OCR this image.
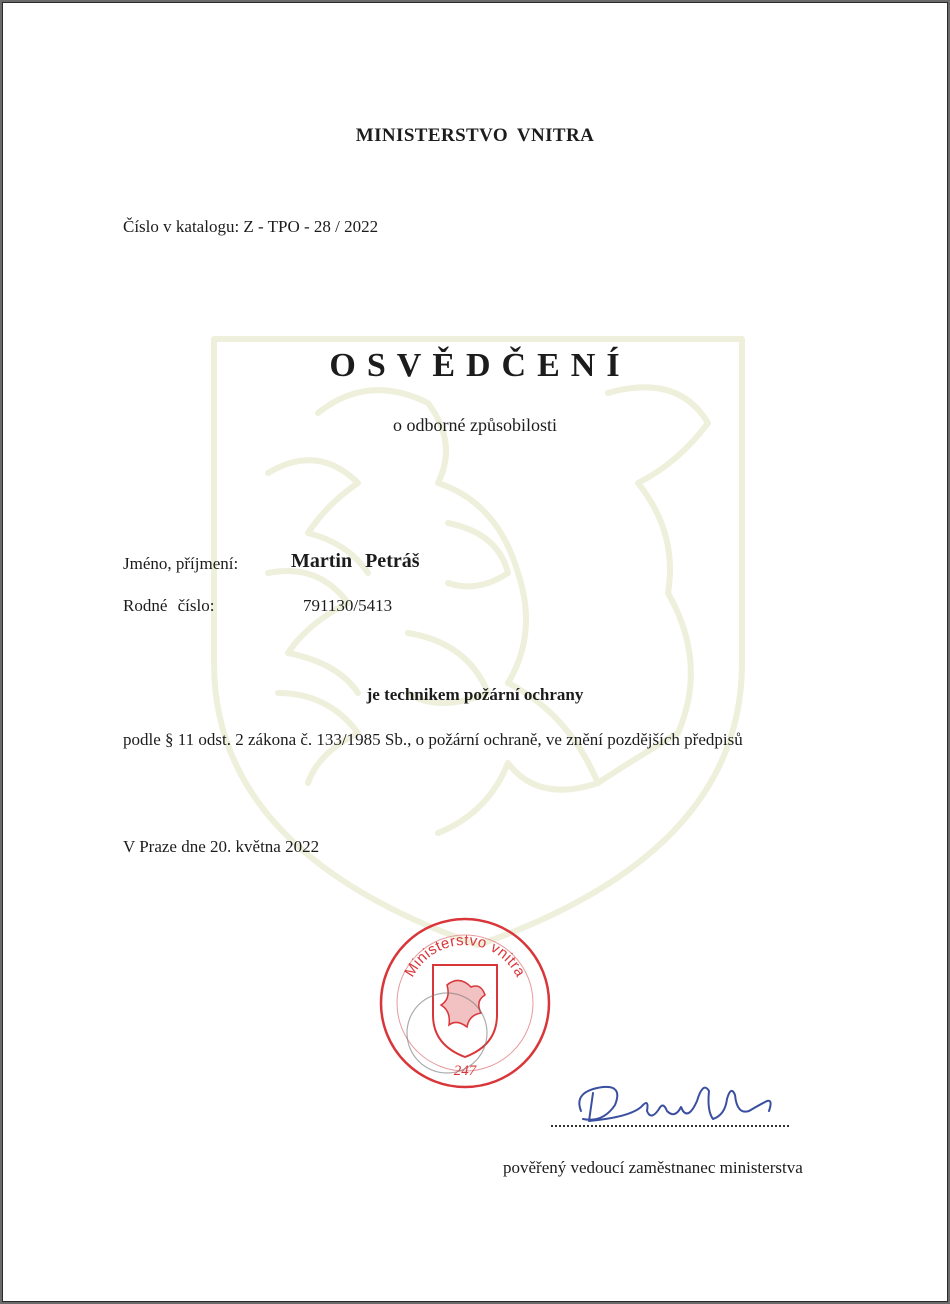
MINISTERSTVO VNITRA
Číslo v katalogu: Z - TPO - 28 / 2022
OSVĚDČENÍ
o odborné způsobilosti
Jméno, příjmení:	Martin Petráš
Rodné číslo:	791130/5413
je technikem požární ochrany
podle § 11 odst. 2 zákona č. 133/1985 Sb., o požární ochraně, ve znění pozdějších předpisů
V Praze dne 20. května 2022
Ministerstvo vnitra
247
pověřený vedoucí zaměstnanec ministerstva
